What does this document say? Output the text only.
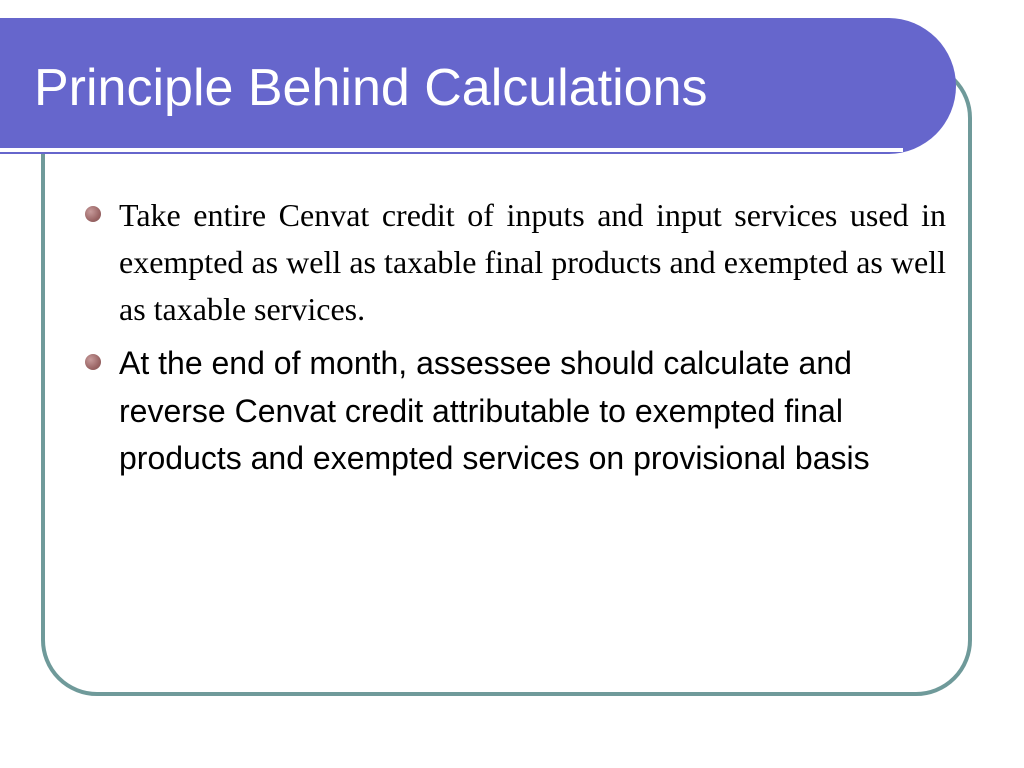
Principle Behind Calculations
Take entire Cenvat credit of inputs and input services used in exempted as well as taxable final products and exempted as well as taxable services.
At the end of month, assessee should calculate and reverse Cenvat credit attributable to exempted final products and exempted services on provisional basis
